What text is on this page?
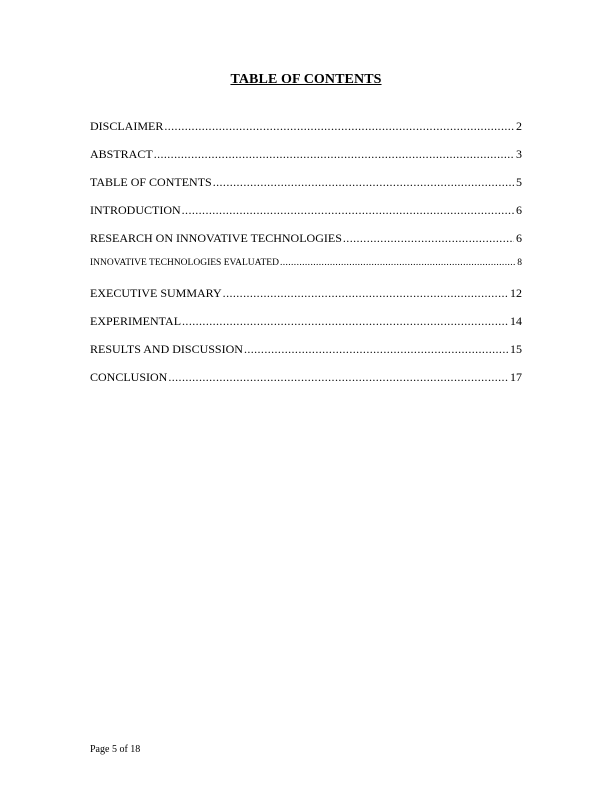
TABLE OF CONTENTS
DISCLAIMER .....	2
ABSTRACT .....	3
TABLE OF CONTENTS .....	5
INTRODUCTION .....	6
RESEARCH ON INNOVATIVE TECHNOLOGIES .....	6
INNOVATIVE TECHNOLOGIES EVALUATED .....	8
EXECUTIVE SUMMARY .....	12
EXPERIMENTAL .....	14
RESULTS AND DISCUSSION .....	15
CONCLUSION .....	17
Page 5 of 18
